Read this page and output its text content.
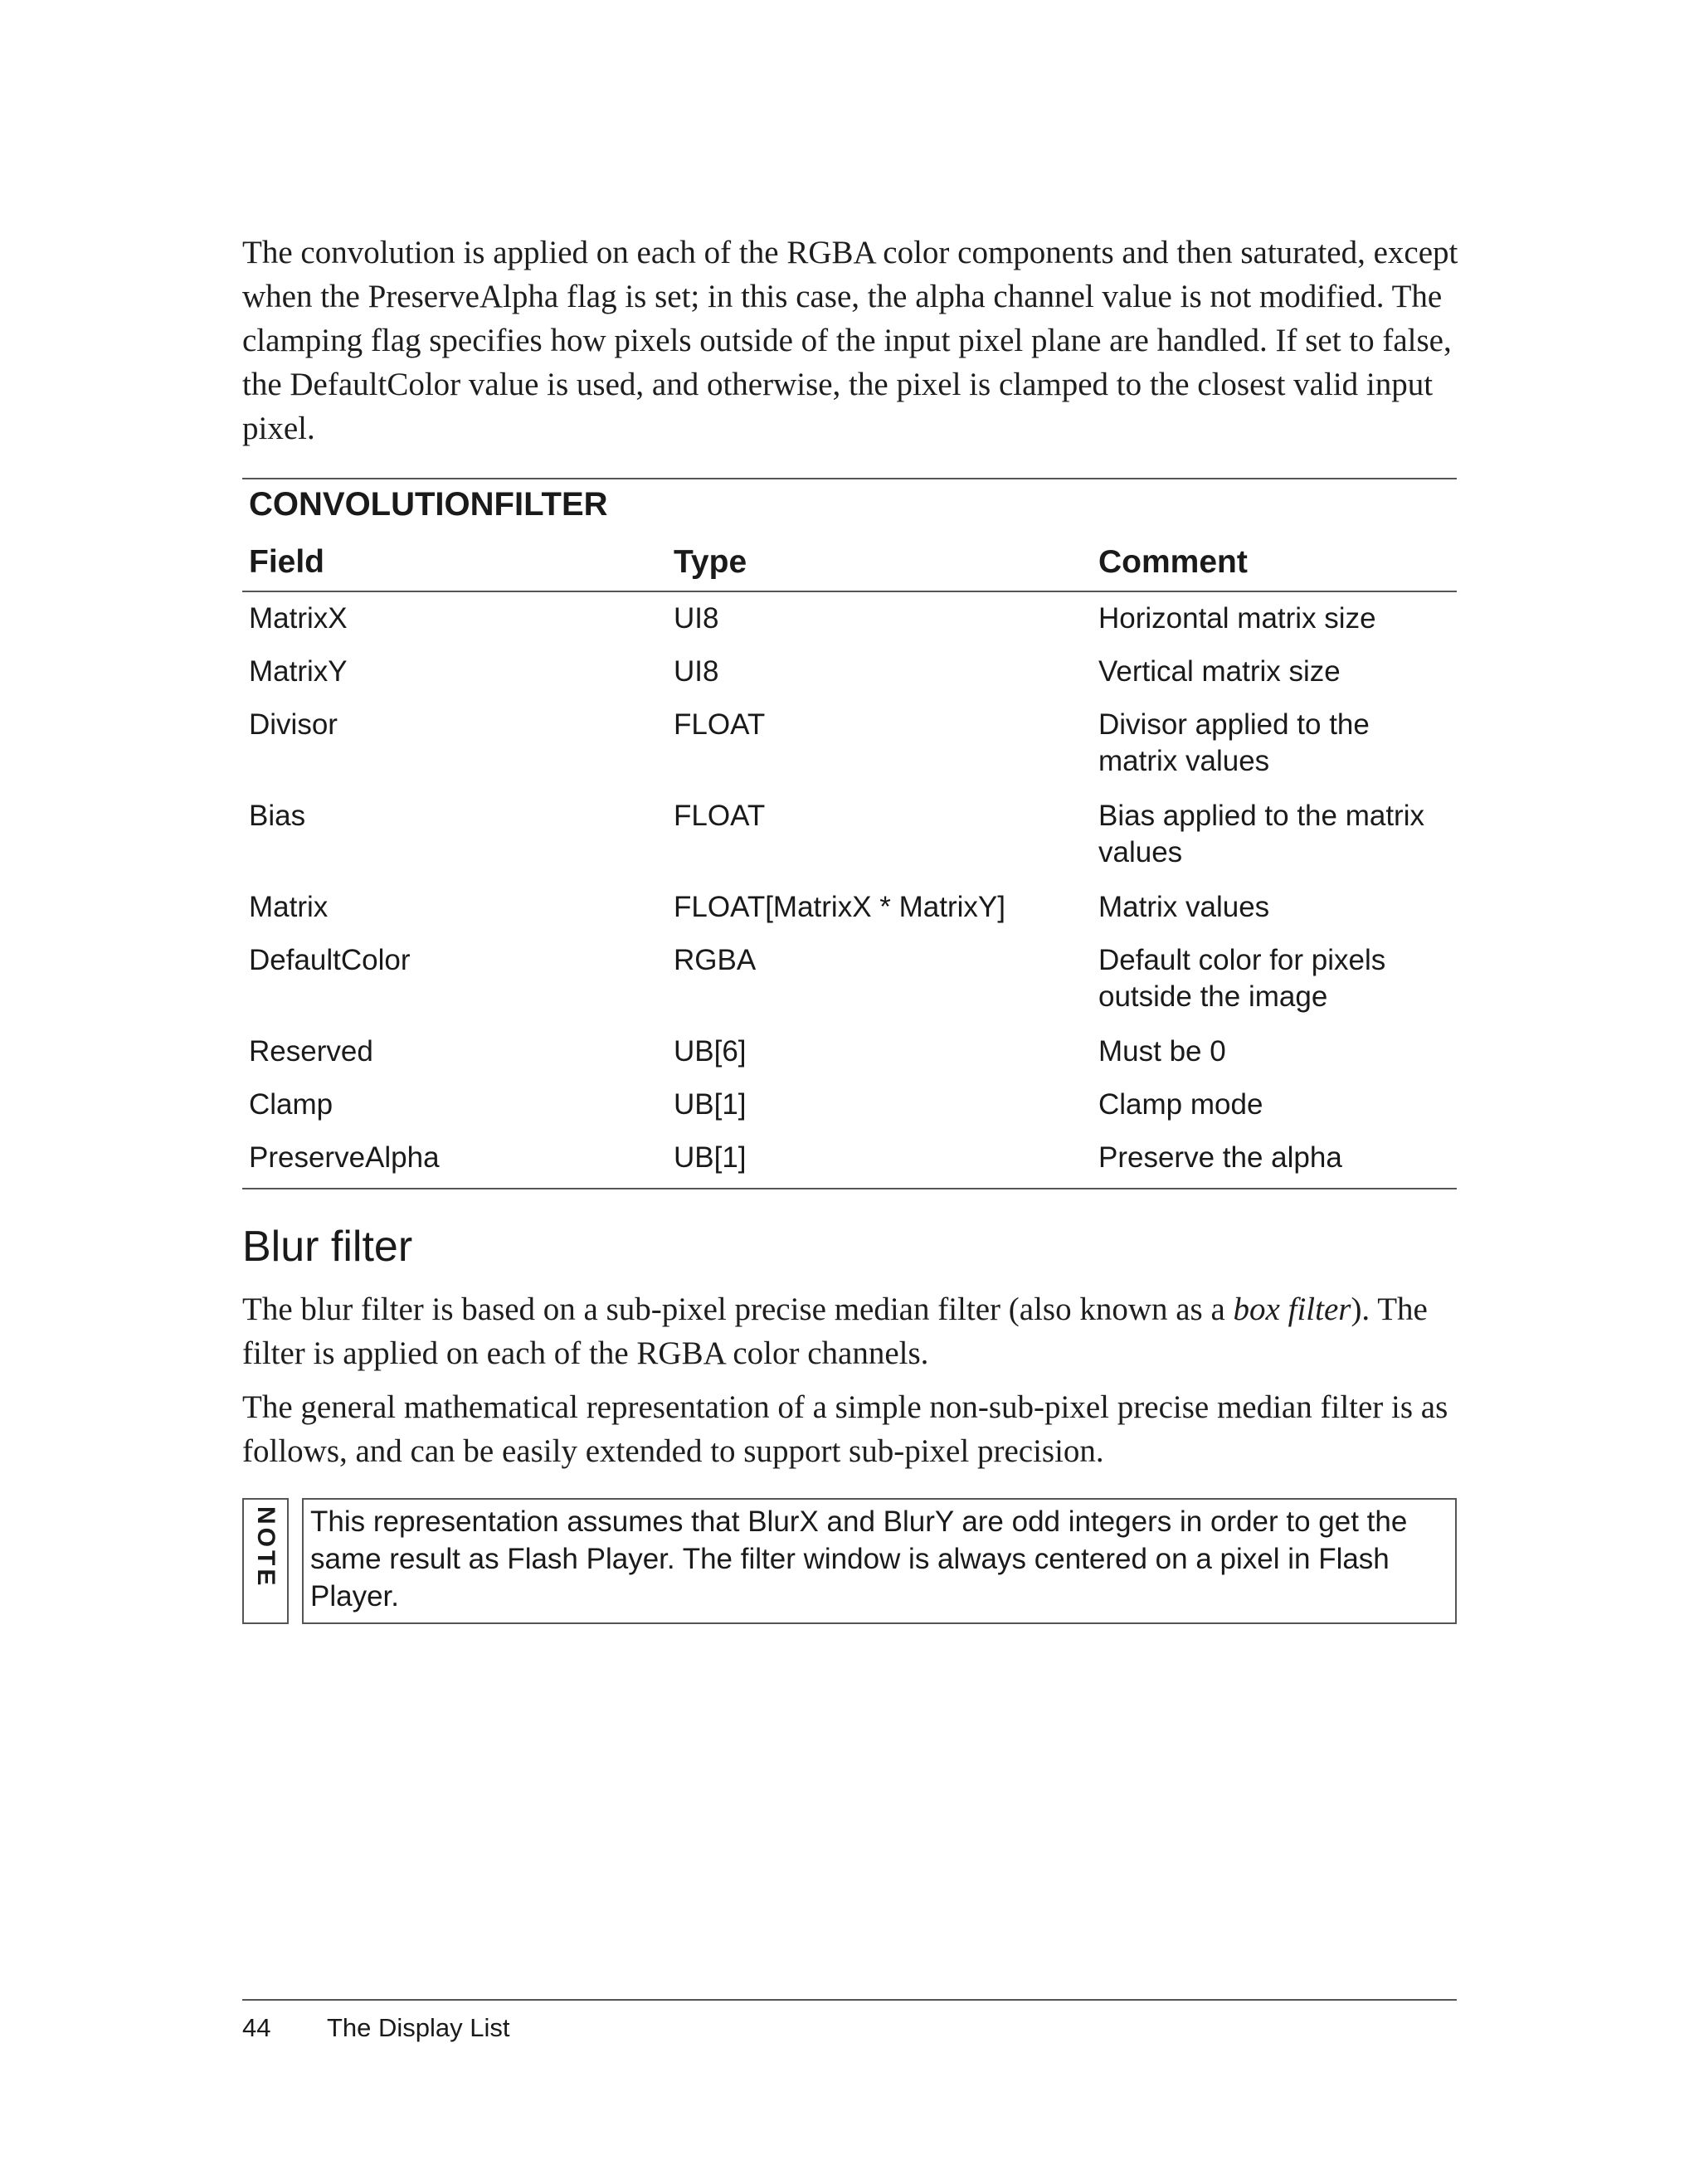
The convolution is applied on each of the RGBA color components and then saturated, except when the PreserveAlpha flag is set; in this case, the alpha channel value is not modified. The clamping flag specifies how pixels outside of the input pixel plane are handled. If set to false, the DefaultColor value is used, and otherwise, the pixel is clamped to the closest valid input pixel.

CONVOLUTIONFILTER
Field	Type	Comment
MatrixX	UI8	Horizontal matrix size
MatrixY	UI8	Vertical matrix size
Divisor	FLOAT	Divisor applied to the matrix values
Bias	FLOAT	Bias applied to the matrix values
Matrix	FLOAT[MatrixX * MatrixY]	Matrix values
DefaultColor	RGBA	Default color for pixels outside the image
Reserved	UB[6]	Must be 0
Clamp	UB[1]	Clamp mode
PreserveAlpha	UB[1]	Preserve the alpha
Blur filter

The blur filter is based on a sub-pixel precise median filter (also known as a box filter). The filter is applied on each of the RGBA color channels.

The general mathematical representation of a simple non-sub-pixel precise median filter is as follows, and can be easily extended to support sub-pixel precision.

NOTE This representation assumes that BlurX and BlurY are odd integers in order to get the same result as Flash Player. The filter window is always centered on a pixel in Flash Player.

44 The Display List
